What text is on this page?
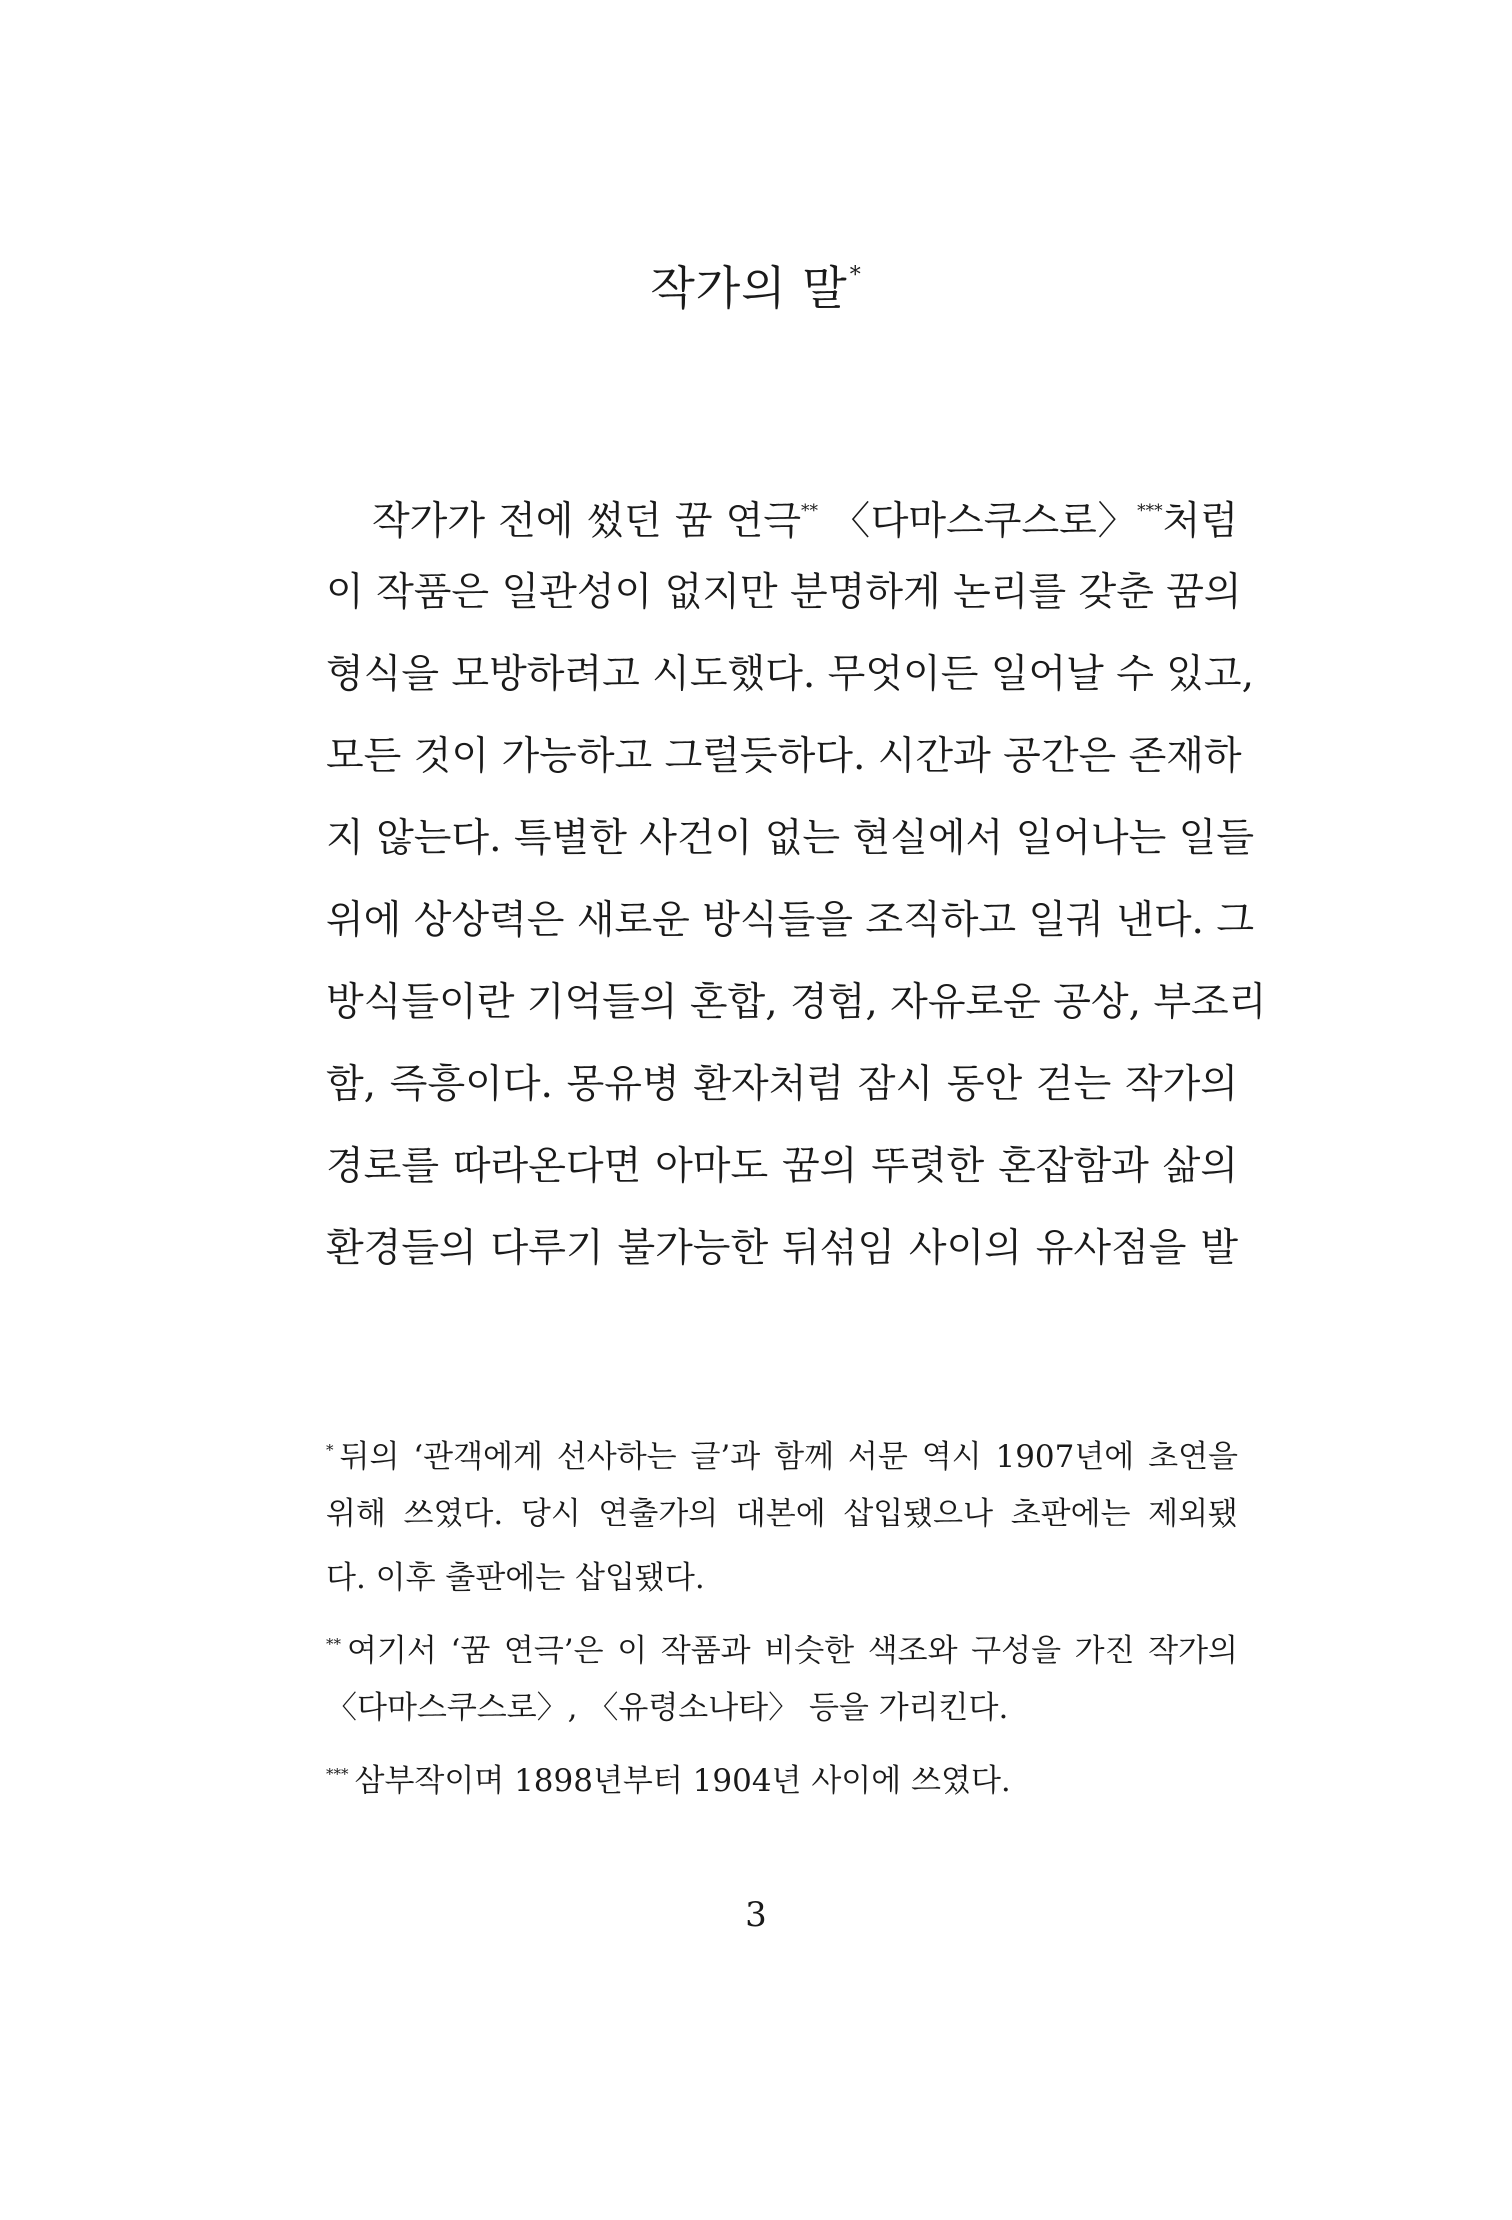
작가의 말*
작가가 전에 썼던 꿈 연극** 〈다마스쿠스로〉***처럼
이 작품은 일관성이 없지만 분명하게 논리를 갖춘 꿈의
형식을 모방하려고 시도했다. 무엇이든 일어날 수 있고,
모든 것이 가능하고 그럴듯하다. 시간과 공간은 존재하
지 않는다. 특별한 사건이 없는 현실에서 일어나는 일들
위에 상상력은 새로운 방식들을 조직하고 일궈 낸다. 그
방식들이란 기억들의 혼합, 경험, 자유로운 공상, 부조리
함, 즉흥이다. 몽유병 환자처럼 잠시 동안 걷는 작가의
경로를 따라온다면 아마도 꿈의 뚜렷한 혼잡함과 삶의
환경들의 다루기 불가능한 뒤섞임 사이의 유사점을 발
* 뒤의 ‘관객에게 선사하는 글’과 함께 서문 역시 1907년에 초연을
위해 쓰였다. 당시 연출가의 대본에 삽입됐으나 초판에는 제외됐
다. 이후 출판에는 삽입됐다.
** 여기서 ‘꿈 연극’은 이 작품과 비슷한 색조와 구성을 가진 작가의
〈다마스쿠스로〉, 〈유령소나타〉 등을 가리킨다.
*** 삼부작이며 1898년부터 1904년 사이에 쓰였다.
3
